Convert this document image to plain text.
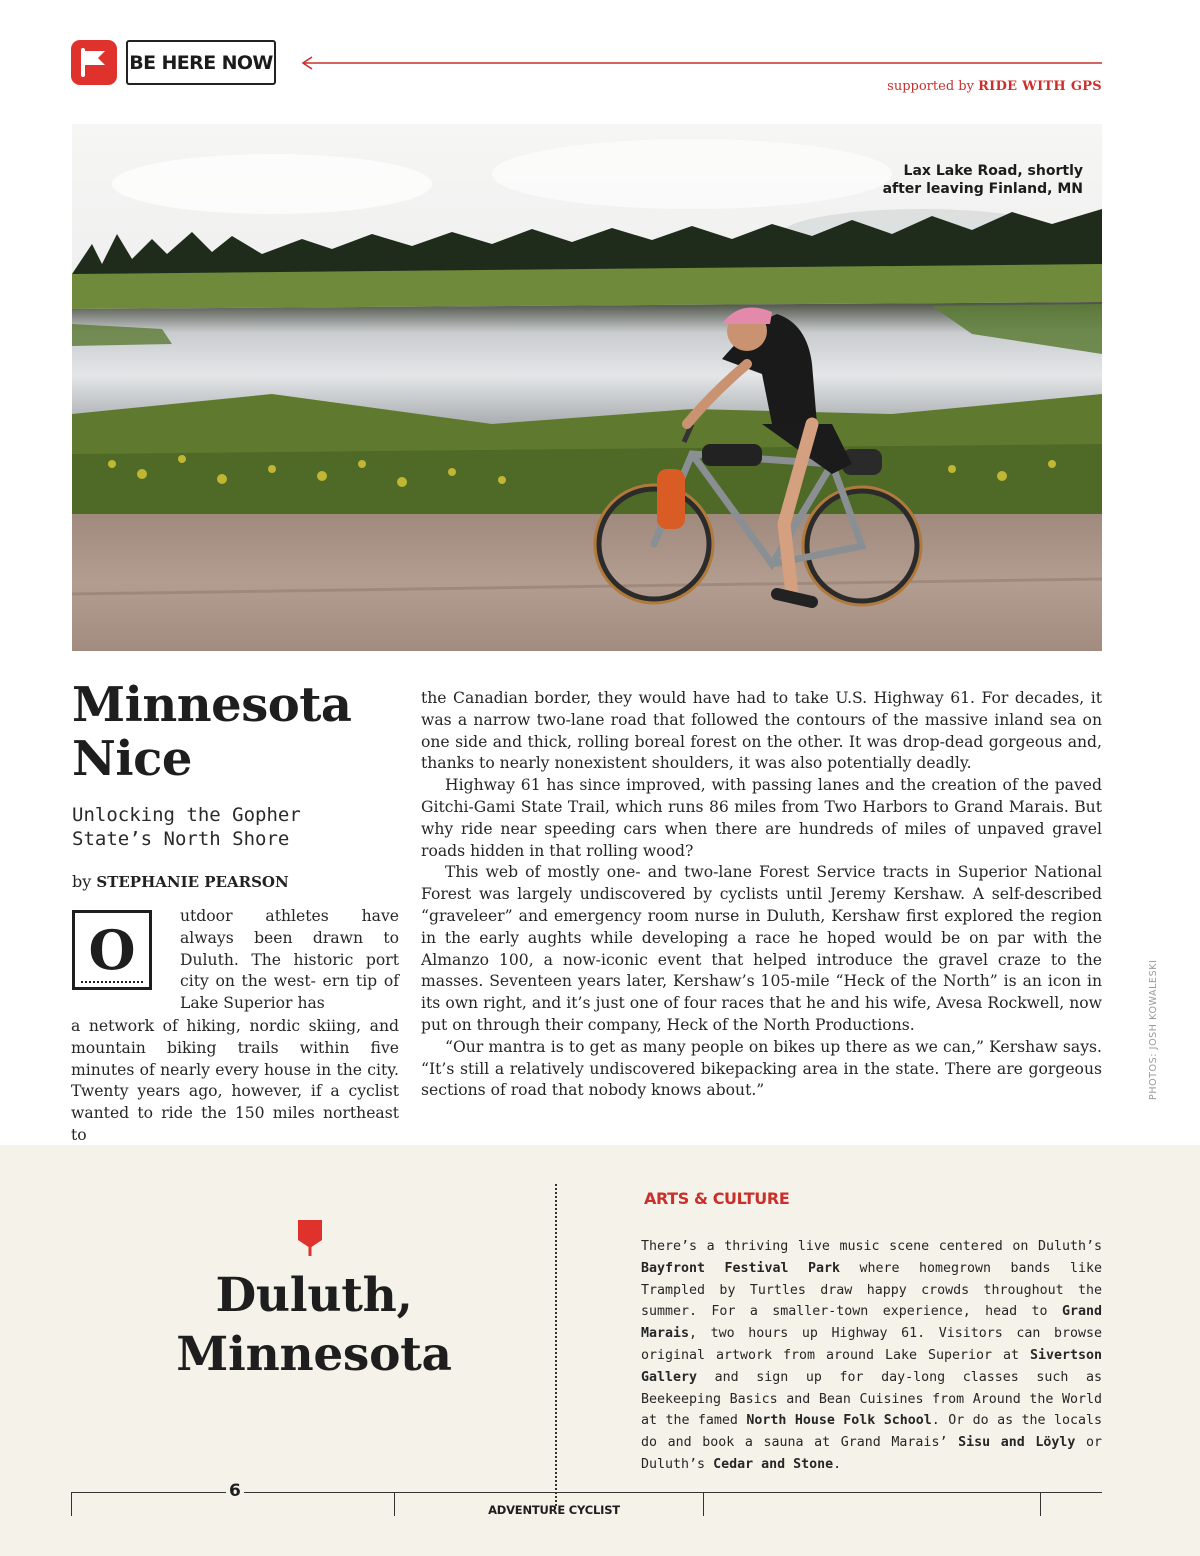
BE HERE NOW
supported by RIDE WITH GPS
Lax Lake Road, shortly
after leaving Finland, MN
Minnesota
Nice
Unlocking the Gopher
State’s North Shore
by STEPHANIE PEARSON
O
utdoor athletes have always been drawn to Duluth. The historic port city on the west- ern tip of Lake Superior has
a network of hiking, nordic skiing, and mountain biking trails within five minutes of nearly every house in the city. Twenty years ago, however, if a cyclist wanted to ride the 150 miles northeast to

the Canadian border, they would have had to take U.S. Highway 61. For decades, it was a narrow two-lane road that followed the contours of the massive inland sea on one side and thick, rolling boreal forest on the other. It was drop-dead gorgeous and, thanks to nearly nonexistent shoulders, it was also potentially deadly.

Highway 61 has since improved, with passing lanes and the creation of the paved Gitchi-Gami State Trail, which runs 86 miles from Two Harbors to Grand Marais. But why ride near speeding cars when there are hundreds of miles of unpaved gravel roads hidden in that rolling wood?

This web of mostly one- and two-lane Forest Service tracts in Superior National Forest was largely undiscovered by cyclists until Jeremy Kershaw. A self-described “graveleer” and emergency room nurse in Duluth, Kershaw first explored the region in the early aughts while developing a race he hoped would be on par with the Almanzo 100, a now-iconic event that helped introduce the gravel craze to the masses. Seventeen years later, Kershaw’s 105-mile “Heck of the North” is an icon in its own right, and it’s just one of four races that he and his wife, Avesa Rockwell, now put on through their company, Heck of the North Productions.

“Our mantra is to get as many people on bikes up there as we can,” Kershaw says. “It’s still a relatively undiscovered bikepacking area in the state. There are gorgeous sections of road that nobody knows about.”	PHOTOS: JOSH KOWALESKI
Duluth,
Minnesota
ARTS & CULTURE
There’s a thriving live music scene centered on Duluth’s Bayfront Festival Park where homegrown bands like Trampled by Turtles draw happy crowds throughout the summer. For a smaller-town experience, head to Grand Marais, two hours up Highway 61. Visitors can browse original artwork from around Lake Superior at Sivertson Gallery and sign up for day-long classes such as Beekeeping Basics and Bean Cuisines from Around the World at the famed North House Folk School. Or do as the locals do and book a sauna at Grand Marais’ Sisu and Löyly or Duluth’s Cedar and Stone.
6
ADVENTURE CYCLIST
